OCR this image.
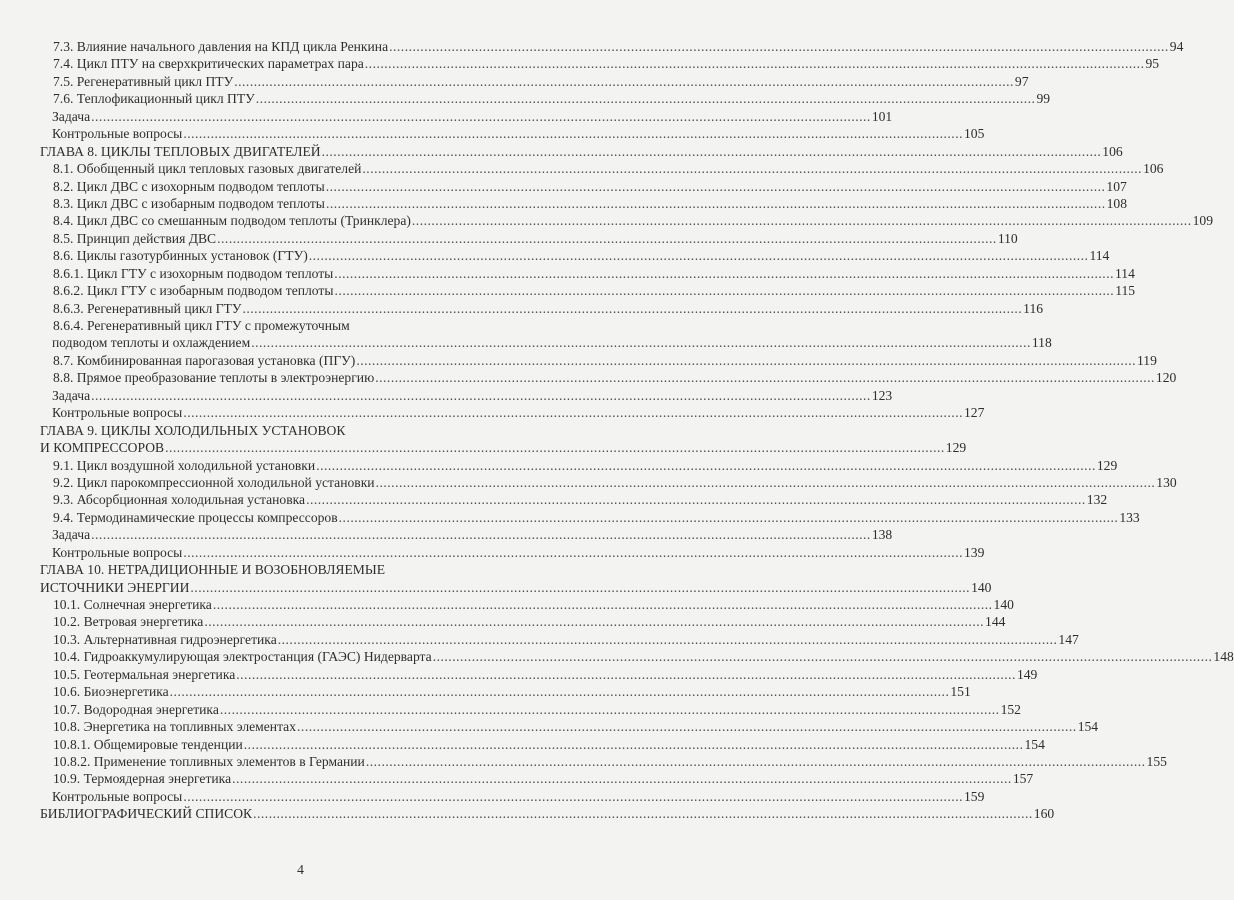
7.3. Влияние начального давления на КПД цикла Ренкина ........................................................................................................................................................................................................ 94
7.4. Цикл ПТУ на сверхкритических параметрах пара ........................................................................................................................................................................................................ 95
7.5. Регенеративный цикл ПТУ ........................................................................................................................................................................................................ 97
7.6. Теплофикационный цикл ПТУ ........................................................................................................................................................................................................ 99
Задача ........................................................................................................................................................................................................ 101
Контрольные вопросы ........................................................................................................................................................................................................ 105
ГЛАВА 8. ЦИКЛЫ ТЕПЛОВЫХ ДВИГАТЕЛЕЙ ........................................................................................................................................................................................................ 106
8.1. Обобщенный цикл тепловых газовых двигателей ........................................................................................................................................................................................................ 106
8.2. Цикл ДВС с изохорным подводом теплоты ........................................................................................................................................................................................................ 107
8.3. Цикл ДВС с изобарным подводом теплоты ........................................................................................................................................................................................................ 108
8.4. Цикл ДВС со смешанным подводом теплоты (Тринклера) ........................................................................................................................................................................................................ 109
8.5. Принцип действия ДВС ........................................................................................................................................................................................................ 110
8.6. Циклы газотурбинных установок (ГТУ) ........................................................................................................................................................................................................ 114
8.6.1. Цикл ГТУ с изохорным подводом теплоты ........................................................................................................................................................................................................ 114
8.6.2. Цикл ГТУ с изобарным подводом теплоты ........................................................................................................................................................................................................ 115
8.6.3. Регенеративный цикл ГТУ ........................................................................................................................................................................................................ 116
8.6.4. Регенеративный цикл ГТУ с промежуточным
подводом теплоты и охлаждением ........................................................................................................................................................................................................ 118
8.7. Комбинированная парогазовая установка (ПГУ) ........................................................................................................................................................................................................ 119
8.8. Прямое преобразование теплоты в электроэнергию ........................................................................................................................................................................................................ 120
Задача ........................................................................................................................................................................................................ 123
Контрольные вопросы ........................................................................................................................................................................................................ 127
ГЛАВА 9. ЦИКЛЫ ХОЛОДИЛЬНЫХ УСТАНОВОК
И КОМПРЕССОРОВ ........................................................................................................................................................................................................ 129
9.1. Цикл воздушной холодильной установки ........................................................................................................................................................................................................ 129
9.2. Цикл парокомпрессионной холодильной установки ........................................................................................................................................................................................................ 130
9.3. Абсорбционная холодильная установка ........................................................................................................................................................................................................ 132
9.4. Термодинамические процессы компрессоров ........................................................................................................................................................................................................ 133
Задача ........................................................................................................................................................................................................ 138
Контрольные вопросы ........................................................................................................................................................................................................ 139
ГЛАВА 10. НЕТРАДИЦИОННЫЕ И ВОЗОБНОВЛЯЕМЫЕ
ИСТОЧНИКИ ЭНЕРГИИ ........................................................................................................................................................................................................ 140
10.1. Солнечная энергетика ........................................................................................................................................................................................................ 140
10.2. Ветровая энергетика ........................................................................................................................................................................................................ 144
10.3. Альтернативная гидроэнергетика ........................................................................................................................................................................................................ 147
10.4. Гидроаккумулирующая электростанция (ГАЭС) Нидерварта ........................................................................................................................................................................................................ 148
10.5. Геотермальная энергетика ........................................................................................................................................................................................................ 149
10.6. Биоэнергетика ........................................................................................................................................................................................................ 151
10.7. Водородная энергетика ........................................................................................................................................................................................................ 152
10.8. Энергетика на топливных элементах ........................................................................................................................................................................................................ 154
10.8.1. Общемировые тенденции ........................................................................................................................................................................................................ 154
10.8.2. Применение топливных элементов в Германии ........................................................................................................................................................................................................ 155
10.9. Термоядерная энергетика ........................................................................................................................................................................................................ 157
Контрольные вопросы ........................................................................................................................................................................................................ 159
БИБЛИОГРАФИЧЕСКИЙ СПИСОК ........................................................................................................................................................................................................ 160
4
